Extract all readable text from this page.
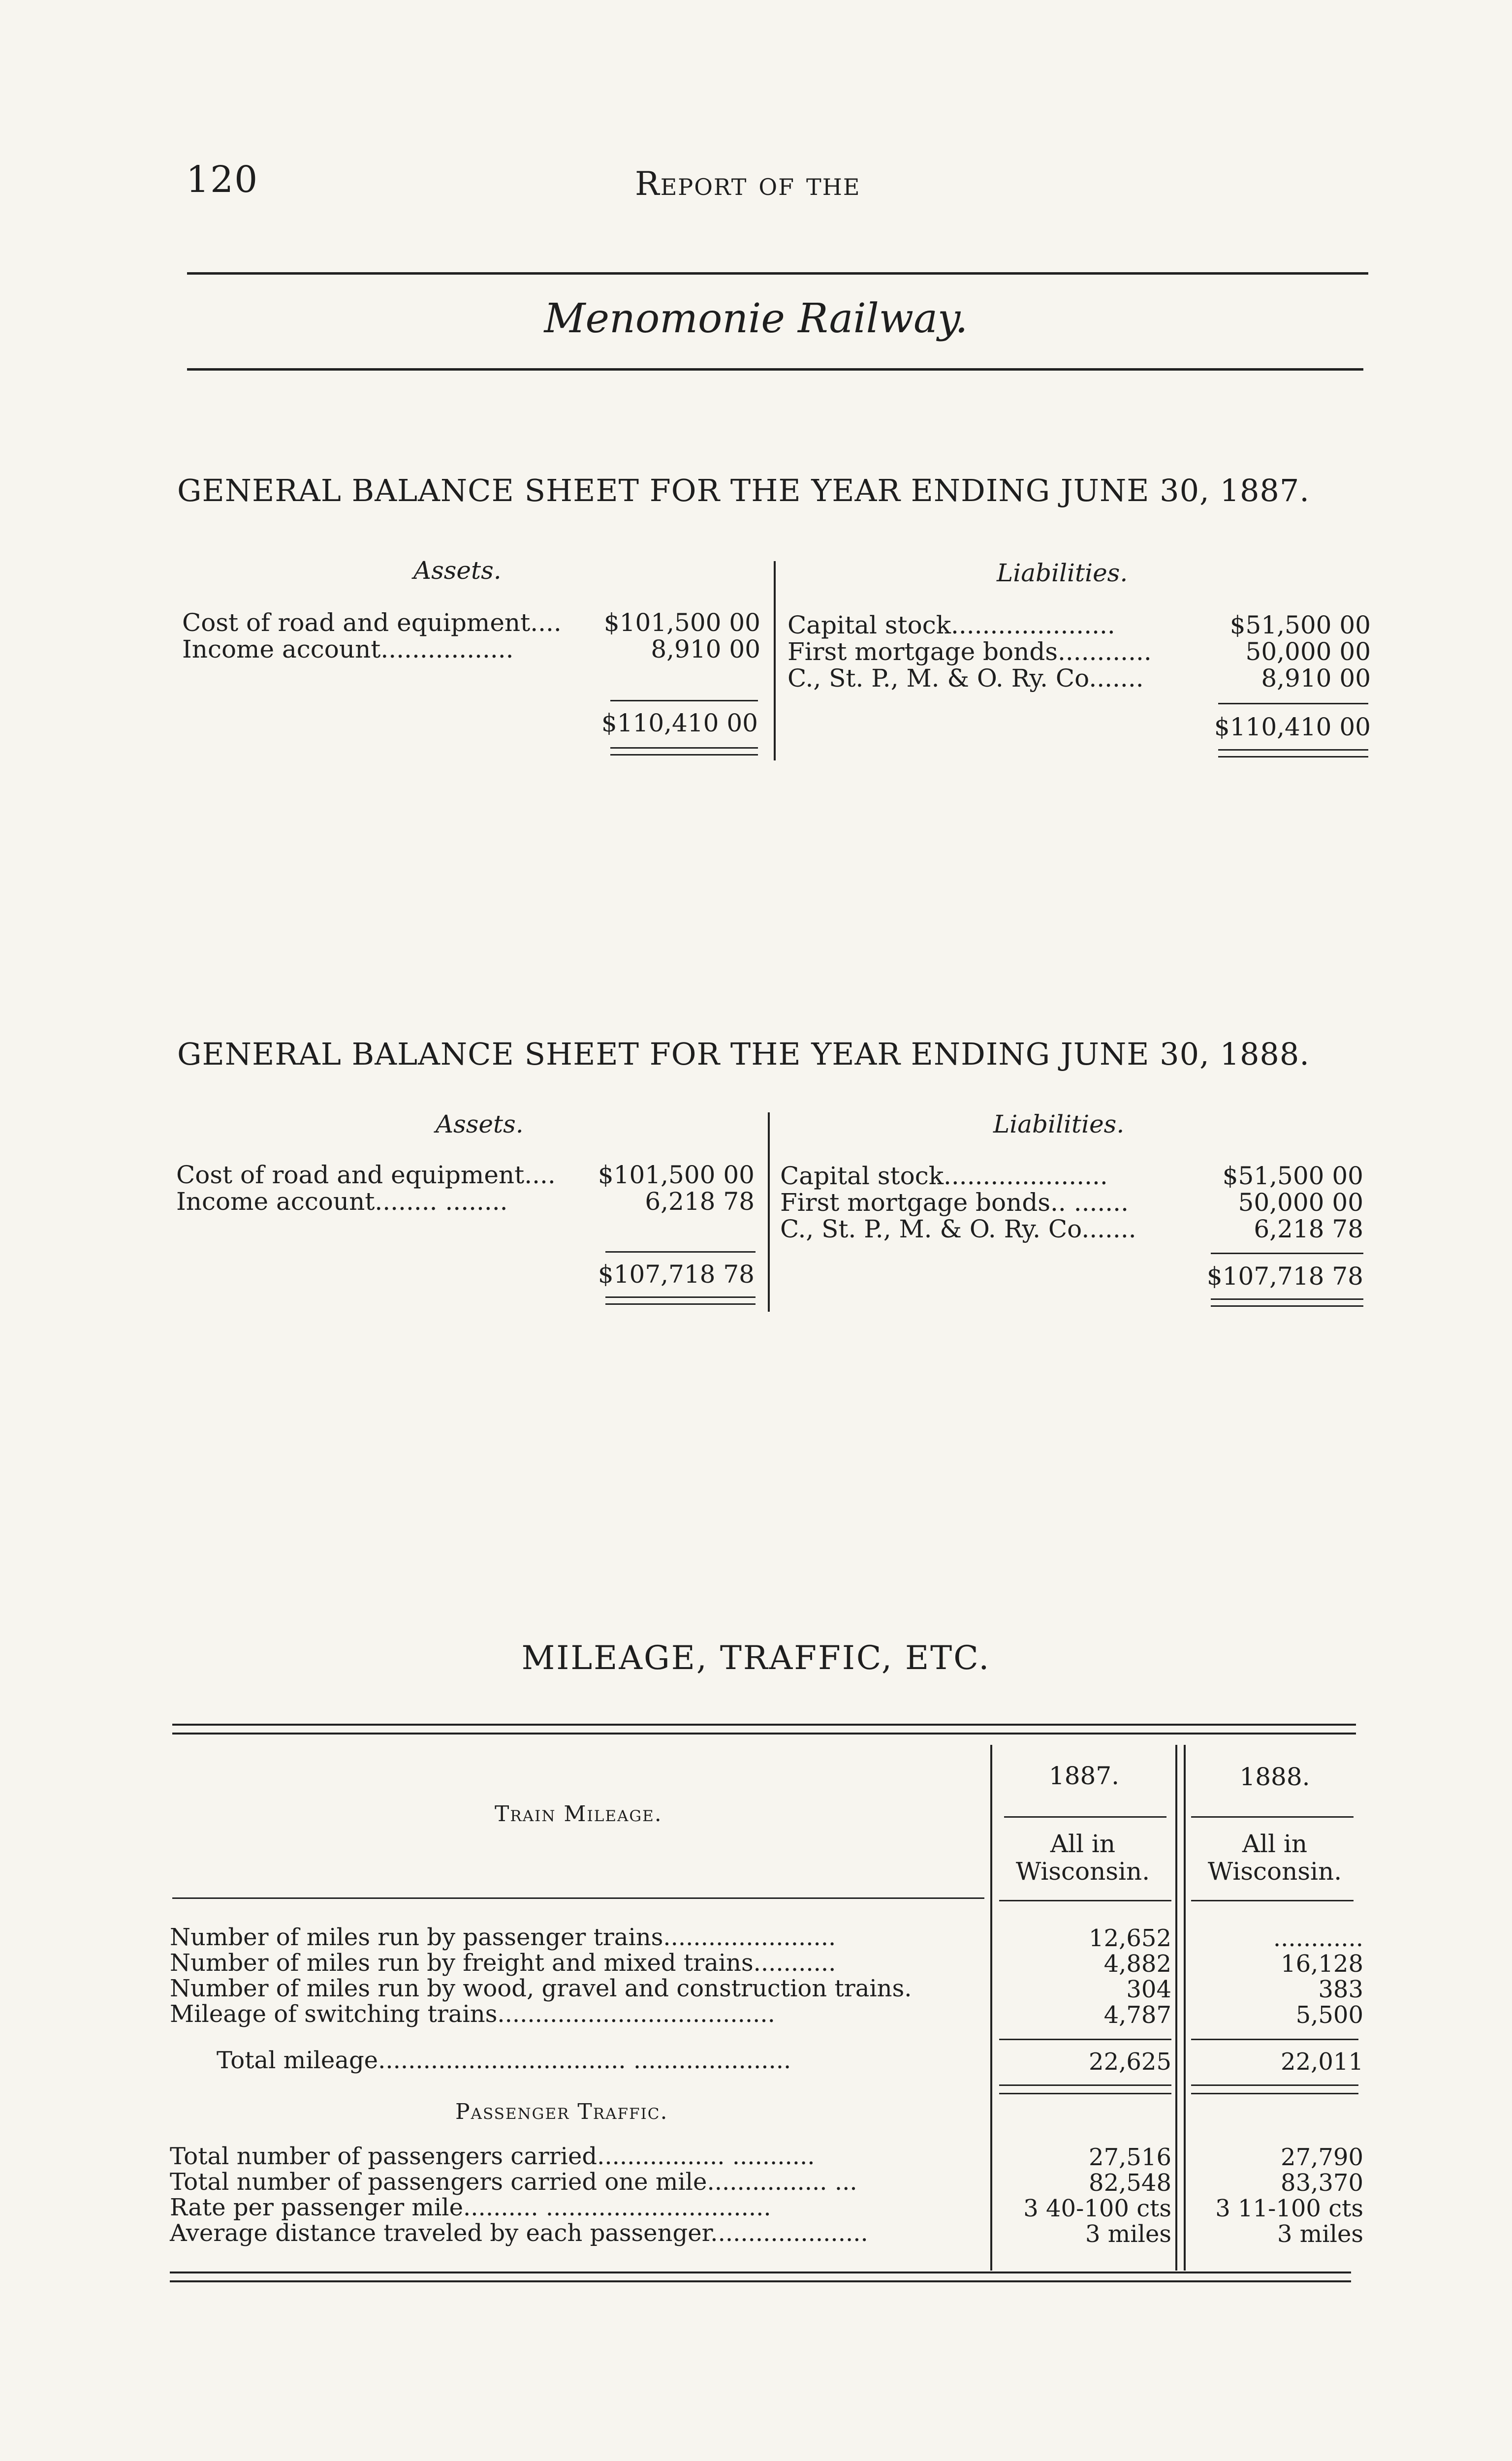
120	Report of the
Menomonie Railway.
GENERAL BALANCE SHEET FOR THE YEAR ENDING JUNE 30, 1887.
Assets.	Liabilities.
Cost of road and equipment.... $101,500 00
Income account.................	8,910 00
$110,410 00
Capital stock.....................	$51,500 00
First mortgage bonds............	50,000 00
C., St. P., M. & O. Ry. Co.......	8,910 00
$110,410 00
GENERAL BALANCE SHEET FOR THE YEAR ENDING JUNE 30, 1888.
Assets.	Liabilities.
Cost of road and equipment.... $101,500 00
Income account........ ........	6,218 78
$107,718 78
Capital stock.....................	$51,500 00
First mortgage bonds.. .......	50,000 00
C., St. P., M. & O. Ry. Co.......	6,218 78
$107,718 78
MILEAGE, TRAFFIC, ETC.
Train Mileage.
1887.	1888.
All in Wisconsin.
All in Wisconsin.
Number of miles run by passenger trains.......................	12,652	............
Number of miles run by freight and mixed trains...........	4,882	16,128
Number of miles run by wood, gravel and construction trains.	304	383
Mileage of switching trains.....................................	4,787	5,500
Total mileage................................. .....................	22,625	22,011
Passenger Traffic.
Total number of passengers carried................. ...........	27,516	27,790
Total number of passengers carried one mile................ ...	82,548	83,370
Rate per passenger mile.......... ..............................	3 40-100 cts	3 11-100 cts
Average distance traveled by each passenger.....................	3 miles	3 miles
